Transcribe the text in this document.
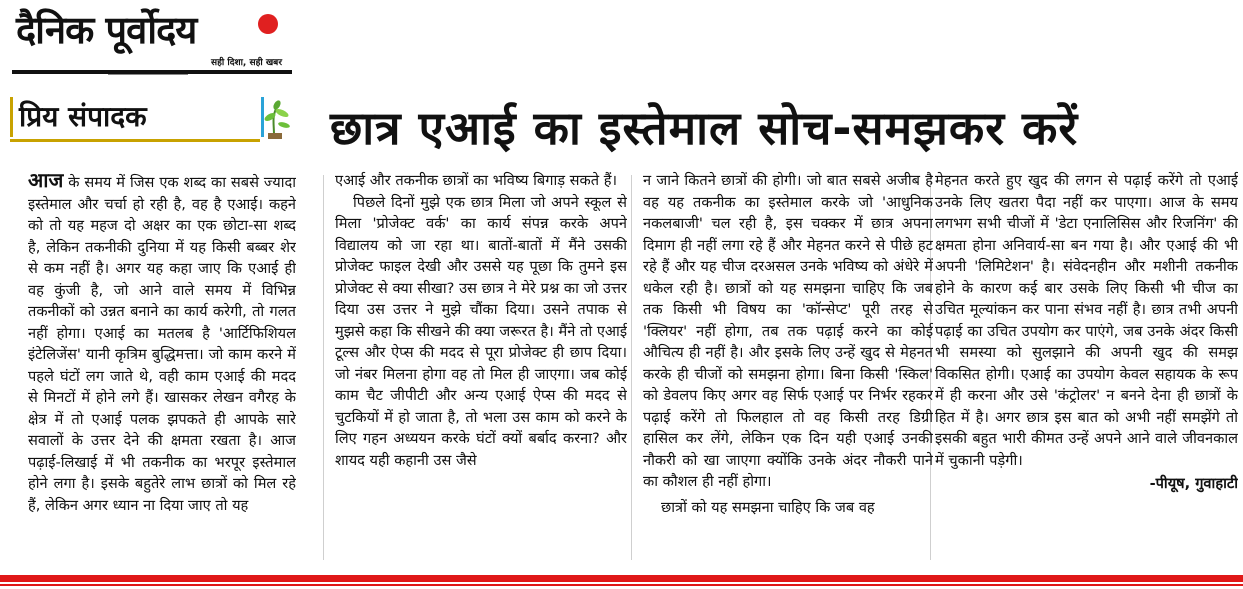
दैनिक पूर्वोदय
सही दिशा, सही खबर
प्रिय संपादक	छात्र एआई का इस्तेमाल सोच-समझकर करें

आज के समय में जिस एक शब्द का सबसे ज्यादा इस्तेमाल और चर्चा हो रही है, वह है एआई। कहने को तो यह महज दो अक्षर का एक छोटा-सा शब्द है, लेकिन तकनीकी दुनिया में यह किसी बब्बर शेर से कम नहीं है। अगर यह कहा जाए कि एआई ही वह कुंजी है, जो आने वाले समय में विभिन्न तकनीकों को उन्नत बनाने का कार्य करेगी, तो गलत नहीं होगा। एआई का मतलब है 'आर्टिफिशियल इंटेलिजेंस' यानी कृत्रिम बुद्धिमत्ता। जो काम करने में पहले घंटों लग जाते थे, वही काम एआई की मदद से मिनटों में होने लगे हैं। खासकर लेखन वगैरह के क्षेत्र में तो एआई पलक झपकते ही आपके सारे सवालों के उत्तर देने की क्षमता रखता है। आज पढ़ाई-लिखाई में भी तकनीक का भरपूर इस्तेमाल होने लगा है। इसके बहुतेरे लाभ छात्रों को मिल रहे हैं, लेकिन अगर ध्यान ना दिया जाए तो यह

एआई और तकनीक छात्रों का भविष्य बिगाड़ सकते हैं।

पिछले दिनों मुझे एक छात्र मिला जो अपने स्कूल से मिला 'प्रोजेक्ट वर्क' का कार्य संपन्न करके अपने विद्यालय को जा रहा था। बातों-बातों में मैंने उसकी प्रोजेक्ट फाइल देखी और उससे यह पूछा कि तुमने इस प्रोजेक्ट से क्या सीखा? उस छात्र ने मेरे प्रश्न का जो उत्तर दिया उस उत्तर ने मुझे चौंका दिया। उसने तपाक से मुझसे कहा कि सीखने की क्या जरूरत है। मैंने तो एआई टूल्स और ऐप्स की मदद से पूरा प्रोजेक्ट ही छाप दिया। जो नंबर मिलना होगा वह तो मिल ही जाएगा। जब कोई काम चैट जीपीटी और अन्य एआई ऐप्स की मदद से चुटकियों में हो जाता है, तो भला उस काम को करने के लिए गहन अध्ययन करके घंटों क्यों बर्बाद करना? और शायद यही कहानी उस जैसे

न जाने कितने छात्रों की होगी। जो बात सबसे अजीब है वह यह तकनीक का इस्तेमाल करके जो 'आधुनिक नकलबाजी' चल रही है, इस चक्कर में छात्र अपना दिमाग ही नहीं लगा रहे हैं और मेहनत करने से पीछे हट रहे हैं और यह चीज दरअसल उनके भविष्य को अंधेरे में धकेल रही है। छात्रों को यह समझना चाहिए कि जब तक किसी भी विषय का 'कॉन्सेप्ट' पूरी तरह से 'क्लियर' नहीं होगा, तब तक पढ़ाई करने का कोई औचित्य ही नहीं है। और इसके लिए उन्हें खुद से मेहनत करके ही चीजों को समझना होगा। बिना किसी 'स्किल' को डेवलप किए अगर वह सिर्फ एआई पर निर्भर रहकर पढ़ाई करेंगे तो फिलहाल तो वह किसी तरह डिग्री हासिल कर लेंगे, लेकिन एक दिन यही एआई उनकी नौकरी को खा जाएगा क्योंकि उनके अंदर नौकरी पाने का कौशल ही नहीं होगा।

छात्रों को यह समझना चाहिए कि जब वह

मेहनत करते हुए खुद की लगन से पढ़ाई करेंगे तो एआई उनके लिए खतरा पैदा नहीं कर पाएगा। आज के समय लगभग सभी चीजों में 'डेटा एनालिसिस और रिजनिंग' की क्षमता होना अनिवार्य-सा बन गया है। और एआई की भी अपनी 'लिमिटेशन' है। संवेदनहीन और मशीनी तकनीक होने के कारण कई बार उसके लिए किसी भी चीज का उचित मूल्यांकन कर पाना संभव नहीं है। छात्र तभी अपनी पढ़ाई का उचित उपयोग कर पाएंगे, जब उनके अंदर किसी भी समस्या को सुलझाने की अपनी खुद की समझ विकसित होगी। एआई का उपयोग केवल सहायक के रूप में ही करना और उसे 'कंट्रोलर' न बनने देना ही छात्रों के हित में है। अगर छात्र इस बात को अभी नहीं समझेंगे तो इसकी बहुत भारी कीमत उन्हें अपने आने वाले जीवनकाल में चुकानी पड़ेगी।

-पीयूष, गुवाहाटी
